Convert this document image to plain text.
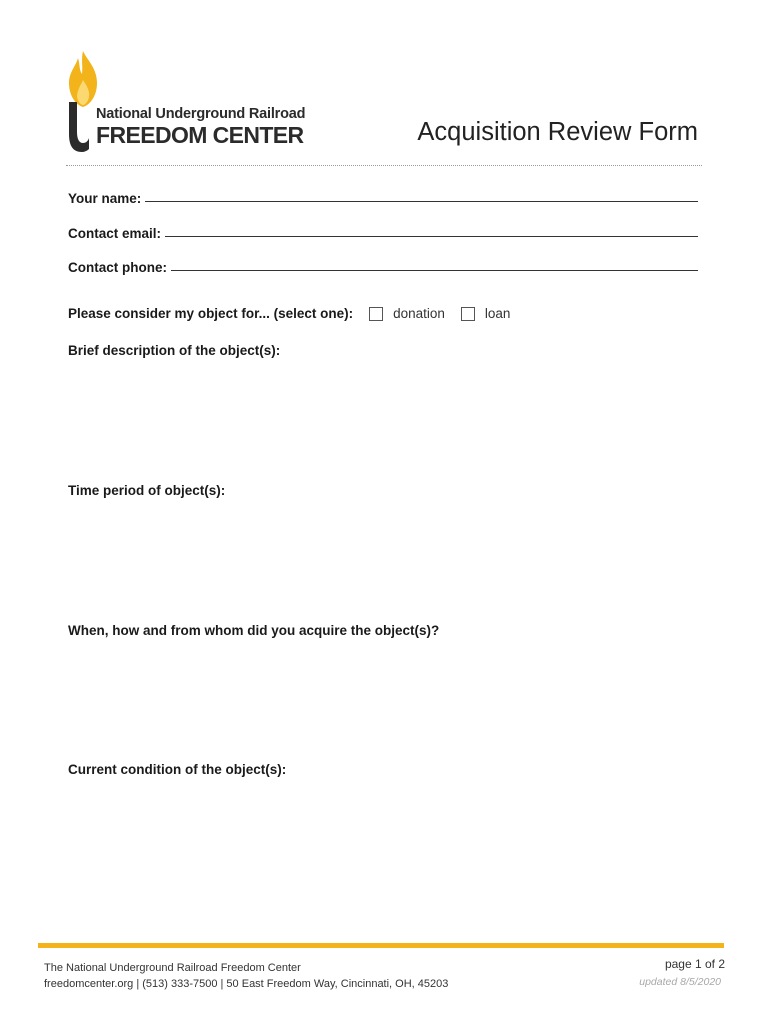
National Underground Railroad
FREEDOM CENTER	Acquisition Review Form
Your name:
Contact email:
Contact phone:
Please consider my object for... (select one):	donation	loan
Brief description of the object(s):
Time period of object(s):
When, how and from whom did you acquire the object(s)?
Current condition of the object(s):
The National Underground Railroad Freedom Center
freedomcenter.org | (513) 333-7500 | 50 East Freedom Way, Cincinnati, OH, 45203
page 1 of 2
updated 8/5/2020
